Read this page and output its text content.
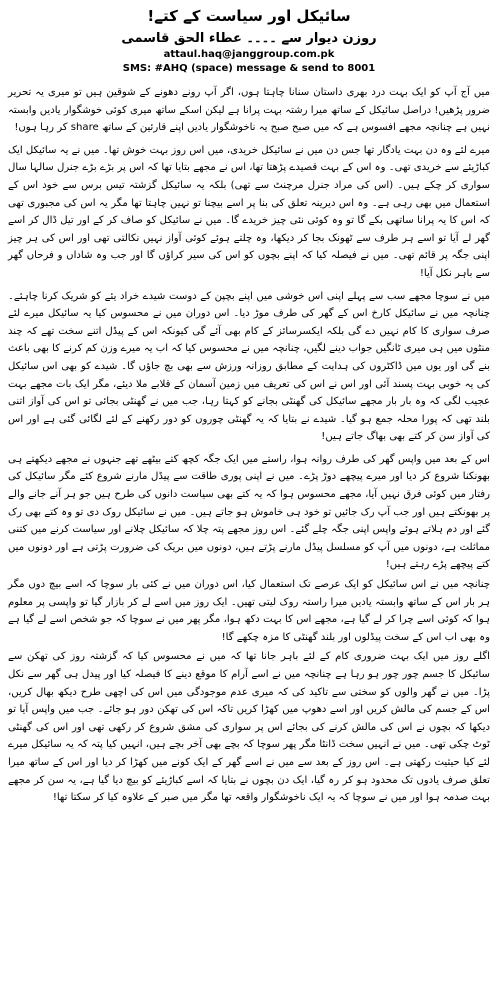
سائیکل اور سیاست کے کتے!

روزن دیوار سے ۔۔۔۔ عطاء الحق قاسمی

attaul.haq@janggroup.com.pk

SMS: #AHQ (space) message & send to 8001

میں آج آپ کو ایک بہت درد بھری داستان سنانا چاہتا ہوں، اگر آپ رونے دھونے کے شوقین ہیں تو میری یہ تحریر ضرور پڑھیں! دراصل سائیکل کے ساتھ میرا رشتہ بہت پرانا ہے لیکن اسکے ساتھ میری کوئی خوشگوار یادیں وابستہ نہیں ہے چنانچہ مجھے افسوس ہے کہ میں صبح صبح یہ ناخوشگوار یادیں اپنے قارئین کے ساتھ share کر رہا ہوں!

میرے لئے وہ دن بہت یادگار تھا جس دن میں نے سائیکل خریدی، میں اس روز بہت خوش تھا۔ میں نے یہ سائیکل ایک کباڑیئے سے خریدی تھی۔ وہ اس کے بہت قصیدے پڑھتا تھا، اس نے مجھے بتایا تھا کہ اس پر بڑے بڑے جنرل سالہا سال سواری کر چکے ہیں۔ (اس کی مراد جنرل مرچنٹ سے تھی) بلکہ یہ سائیکل گزشتہ تیس برس سے خود اس کے استعمال میں بھی رہی ہے۔ وہ اس دیرینہ تعلق کی بنا پر اسے بیچنا تو نہیں چاہتا تھا مگر یہ اس کی مجبوری تھی کہ اس کا یہ پرانا ساتھی بکے گا تو وہ کوئی نئی چیز خریدے گا۔ میں نے سائیکل کو صاف کر کے اور تیل ڈال کر اسے گھر لے آیا تو اسے ہر طرف سے ٹھونک بجا کر دیکھا، وہ چلتے ہوئے کوئی آواز نہیں نکالتی تھی اور اس کی ہر چیز اپنی جگہ پر قائم تھی۔ میں نے فیصلہ کیا کہ اپنے بچوں کو اس کی سیر کراؤں گا اور جب وہ شاداں و فرحاں گھر سے باہر نکل آیا!

میں نے سوچا مجھے سب سے پہلے اپنی اس خوشی میں اپنے بچپن کے دوست شیدے خراد یئے کو شریک کرنا چاہئے۔ چنانچہ میں نے سائیکل کارخ اس کے گھر کی طرف موڑ دیا۔ اس دوران میں نے محسوس کیا یہ سائیکل میرے لئے صرف سواری کا کام نہیں دے گی بلکہ ایکسرسائز کے کام بھی آئے گی کیونکہ اس کے پیڈل اتنے سخت تھے کہ چند منٹوں میں ہی میری ٹانگیں جواب دینے لگیں، چنانچہ میں نے محسوس کیا کہ اب یہ میرے وزن کم کرنے کا بھی باعث بنے گی اور یوں میں ڈاکٹروں کی ہدایت کے مطابق روزانہ ورزش سے بھی بچ جاؤں گا۔ شیدے کو بھی اس سائیکل کی یہ خوبی بہت پسند آئی اور اس نے اس کی تعریف میں زمین آسمان کے قلابے ملا دیئے، مگر ایک بات مجھے بہت عجیب لگی کہ وہ بار بار مجھے سائیکل کی گھنٹی بجانے کو کہتا رہا، جب میں نے گھنٹی بجائی تو اس کی آواز اتنی بلند تھی کہ پورا محلہ جمع ہو گیا۔ شیدے نے بتایا کہ یہ گھنٹی چوروں کو دور رکھنے کے لئے لگائی گئی ہے اور اس کی آواز سن کر کتے بھی بھاگ جاتے ہیں!

اس کے بعد میں واپس گھر کی طرف روانہ ہوا، راستے میں ایک جگہ کچھ کتے بیٹھے تھے جنہوں نے مجھے دیکھتے ہی بھونکنا شروع کر دیا اور میرے پیچھے دوڑ پڑے۔ میں نے اپنی پوری طاقت سے پیڈل مارنے شروع کئے مگر سائیکل کی رفتار میں کوئی فرق نہیں آیا، مجھے محسوس ہوا کہ یہ کتے بھی سیاست دانوں کی طرح ہیں جو ہر آنے جانے والے پر بھونکتے ہیں اور جب آپ رک جائیں تو خود ہی خاموش ہو جاتے ہیں۔ میں نے سائیکل روک دی تو وہ کتے بھی رک گئے اور دم ہلاتے ہوئے واپس اپنی جگہ چلے گئے۔ اس روز مجھے پتہ چلا کہ سائیکل چلانے اور سیاست کرنے میں کتنی مماثلت ہے، دونوں میں آپ کو مسلسل پیڈل مارنے پڑتے ہیں، دونوں میں بریک کی ضرورت پڑتی ہے اور دونوں میں کتے پیچھے پڑے رہتے ہیں!

چنانچہ میں نے اس سائیکل کو ایک عرصے تک استعمال کیا، اس دوران میں نے کئی بار سوچا کہ اسے بیچ دوں مگر ہر بار اس کے ساتھ وابستہ یادیں میرا راستہ روک لیتی تھیں۔ ایک روز میں اسے لے کر بازار گیا تو واپسی پر معلوم ہوا کہ کوئی اسے چرا کر لے گیا ہے، مجھے اس کا بہت دکھ ہوا، مگر پھر میں نے سوچا کہ جو شخص اسے لے گیا ہے وہ بھی اب اس کے سخت پیڈلوں اور بلند گھنٹی کا مزہ چکھے گا!

اگلے روز میں ایک بہت ضروری کام کے لئے باہر جانا تھا کہ میں نے محسوس کیا کہ گزشتہ روز کی تھکن سے سائیکل کا جسم چور چور ہو رہا ہے چنانچہ میں نے اسے آرام کا موقع دینے کا فیصلہ کیا اور پیدل ہی گھر سے نکل پڑا۔ میں نے گھر والوں کو سختی سے تاکید کی کہ میری عدم موجودگی میں اس کی اچھی طرح دیکھ بھال کریں، اس کے جسم کی مالش کریں اور اسے دھوپ میں کھڑا کریں تاکہ اس کی تھکن دور ہو جائے۔ جب میں واپس آیا تو دیکھا کہ بچوں نے اس کی مالش کرنے کی بجائے اس پر سواری کی مشق شروع کر رکھی تھی اور اس کی گھنٹی ٹوٹ چکی تھی۔ میں نے انہیں سخت ڈانٹا مگر پھر سوچا کہ بچے بھی آخر بچے ہیں، انہیں کیا پتہ کہ یہ سائیکل میرے لئے کیا حیثیت رکھتی ہے۔ اس روز کے بعد سے میں نے اسے گھر کے ایک کونے میں کھڑا کر دیا اور اس کے ساتھ میرا تعلق صرف یادوں تک محدود ہو کر رہ گیا، ایک دن بچوں نے بتایا کہ اسے کباڑیئے کو بیچ دیا گیا ہے، یہ سن کر مجھے بہت صدمہ ہوا اور میں نے سوچا کہ یہ ایک ناخوشگوار واقعہ تھا مگر میں صبر کے علاوہ کیا کر سکتا تھا!
